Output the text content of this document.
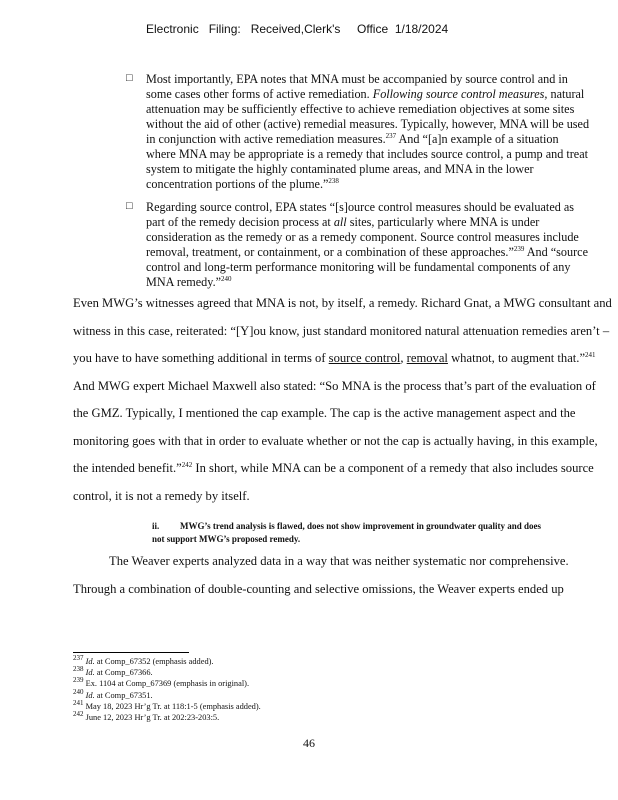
Electronic   Filing:   Received,Clerk's     Office  1/18/2024
□ Most importantly, EPA notes that MNA must be accompanied by source control and in some cases other forms of active remediation. Following source control measures, natural attenuation may be sufficiently effective to achieve remediation objectives at some sites without the aid of other (active) remedial measures. Typically, however, MNA will be used in conjunction with active remediation measures.$^{237}$ And “[a]n example of a situation where MNA may be appropriate is a remedy that includes source control, a pump and treat system to mitigate the highly contaminated plume areas, and MNA in the lower concentration portions of the plume.”$^{238}$
□ Regarding source control, EPA states “[s]ource control measures should be evaluated as part of the remedy decision process at all sites, particularly where MNA is under consideration as the remedy or as a remedy component. Source control measures include removal, treatment, or containment, or a combination of these approaches.”$^{239}$ And “source control and long-term performance monitoring will be fundamental components of any MNA remedy.”$^{240}$

Even MWG’s witnesses agreed that MNA is not, by itself, a remedy. Richard Gnat, a MWG consultant and witness in this case, reiterated: “[Y]ou know, just standard monitored natural attenuation remedies aren’t – you have to have something additional in terms of source control, removal whatnot, to augment that.”$^{241}$ And MWG expert Michael Maxwell also stated: “So MNA is the process that’s part of the evaluation of the GMZ. Typically, I mentioned the cap example. The cap is the active management aspect and the monitoring goes with that in order to evaluate whether or not the cap is actually having, in this example, the intended benefit.”$^{242}$ In short, while MNA can be a component of a remedy that also includes source control, it is not a remedy by itself.

ii. MWG’s trend analysis is flawed, does not show improvement in groundwater quality and does not support MWG’s proposed remedy.

The Weaver experts analyzed data in a way that was neither systematic nor comprehensive. Through a combination of double-counting and selective omissions, the Weaver experts ended up

$^{237}$ Id. at Comp_67352 (emphasis added).
$^{238}$ Id. at Comp_67366.
$^{239}$ Ex. 1104 at Comp_67369 (emphasis in original).
$^{240}$ Id. at Comp_67351.
$^{241}$ May 18, 2023 Hr’g Tr. at 118:1-5 (emphasis added).
$^{242}$ June 12, 2023 Hr’g Tr. at 202:23-203:5.
46
